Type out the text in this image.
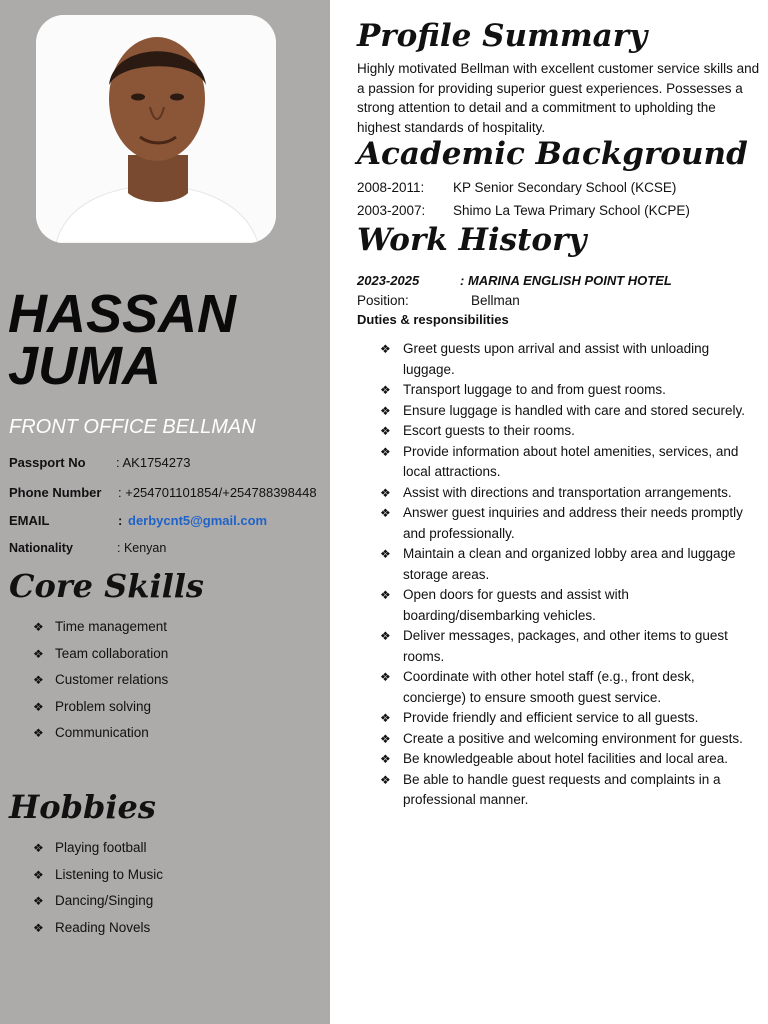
HASSAN
JUMA
FRONT OFFICE BELLMAN
Passport No : AK1754273
Phone Number : +254701101854/+254788398448
EMAIL	: derbycnt5@gmail.com
Nationality	: Kenyan
Core Skills
❖ Time management
❖ Team collaboration
❖ Customer relations
❖ Problem solving
❖ Communication
Hobbies
❖ Playing football
❖ Listening to Music
❖ Dancing/Singing
❖ Reading Novels
Profile Summary
Highly motivated Bellman with excellent customer service skills and a passion for providing superior guest experiences. Possesses a strong attention to detail and a commitment to upholding the highest standards of hospitality.
Academic Background
2008-2011: KP Senior Secondary School (KCSE)
2003-2007: Shimo La Tewa Primary School (KCPE)
Work History
2023-2025	: MARINA ENGLISH POINT HOTEL
Position:	Bellman
Duties & responsibilities
❖ Greet guests upon arrival and assist with unloading luggage.
❖ Transport luggage to and from guest rooms.
❖ Ensure luggage is handled with care and stored securely.
❖ Escort guests to their rooms.
❖ Provide information about hotel amenities, services, and local attractions.
❖ Assist with directions and transportation arrangements.
❖ Answer guest inquiries and address their needs promptly and professionally.
❖ Maintain a clean and organized lobby area and luggage storage areas.
❖ Open doors for guests and assist with boarding/disembarking vehicles.
❖ Deliver messages, packages, and other items to guest rooms.
❖ Coordinate with other hotel staff (e.g., front desk, concierge) to ensure smooth guest service.
❖ Provide friendly and efficient service to all guests.
❖ Create a positive and welcoming environment for guests.
❖ Be knowledgeable about hotel facilities and local area.
❖ Be able to handle guest requests and complaints in a professional manner.
